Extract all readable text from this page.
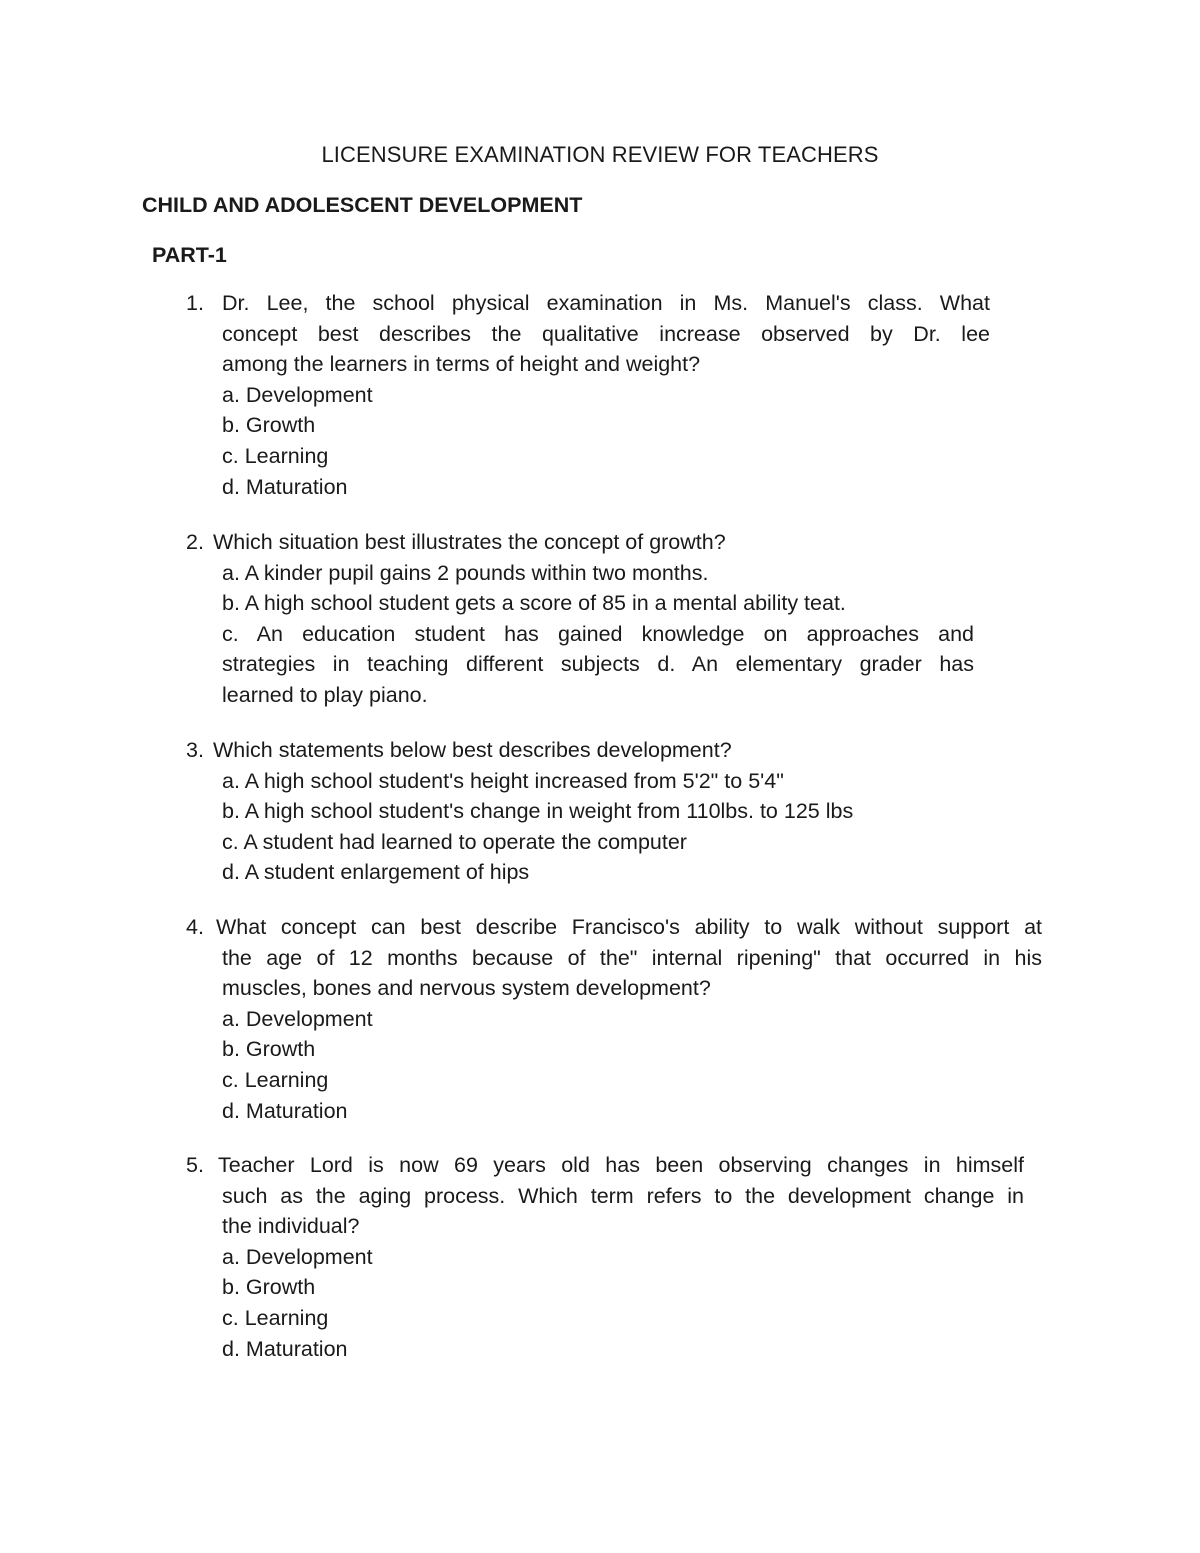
LICENSURE EXAMINATION REVIEW FOR TEACHERS
CHILD AND ADOLESCENT DEVELOPMENT
PART-1
1. Dr. Lee, the school physical examination in Ms. Manuel's class. What
concept best describes the qualitative increase observed by Dr. lee
among the learners in terms of height and weight?
a. Development
b. Growth
c. Learning
d. Maturation
2. Which situation best illustrates the concept of growth?
a. A kinder pupil gains 2 pounds within two months.
b. A high school student gets a score of 85 in a mental ability teat.
c. An education student has gained knowledge on approaches and
strategies in teaching different subjects d. An elementary grader has
learned to play piano.
3. Which statements below best describes development?
a. A high school student's height increased from 5'2" to 5'4"
b. A high school student's change in weight from 110lbs. to 125 lbs
c. A student had learned to operate the computer
d. A student enlargement of hips
4. What concept can best describe Francisco's ability to walk without support at
the age of 12 months because of the" internal ripening" that occurred in his
muscles, bones and nervous system development?
a. Development
b. Growth
c. Learning
d. Maturation
5. Teacher Lord is now 69 years old has been observing changes in himself
such as the aging process. Which term refers to the development change in
the individual?
a. Development
b. Growth
c. Learning
d. Maturation
